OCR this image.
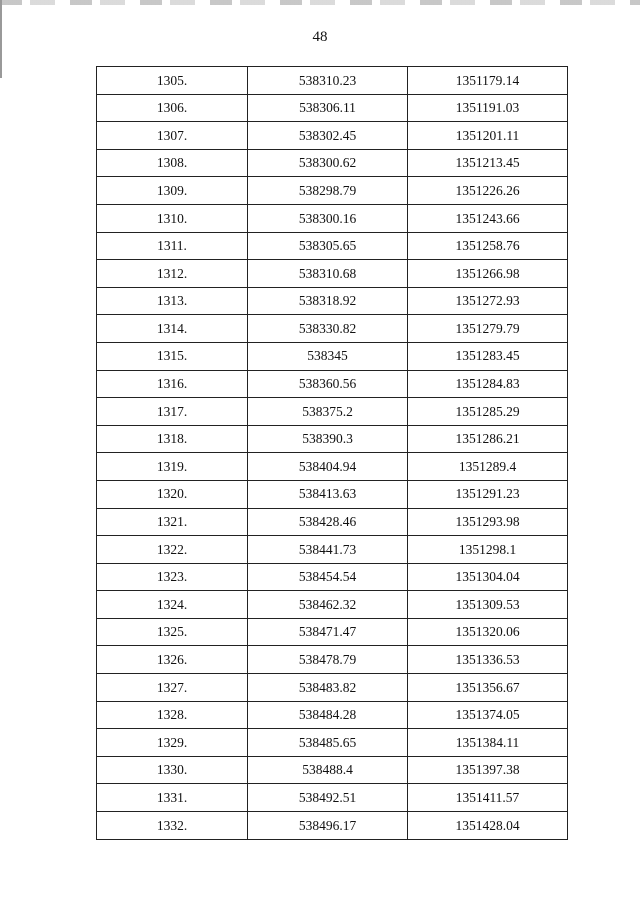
48
1305.	538310.23	1351179.14
1306.	538306.11	1351191.03
1307.	538302.45	1351201.11
1308.	538300.62	1351213.45
1309.	538298.79	1351226.26
1310.	538300.16	1351243.66
1311.	538305.65	1351258.76
1312.	538310.68	1351266.98
1313.	538318.92	1351272.93
1314.	538330.82	1351279.79
1315.	538345	1351283.45
1316.	538360.56	1351284.83
1317.	538375.2	1351285.29
1318.	538390.3	1351286.21
1319.	538404.94	1351289.4
1320.	538413.63	1351291.23
1321.	538428.46	1351293.98
1322.	538441.73	1351298.1
1323.	538454.54	1351304.04
1324.	538462.32	1351309.53
1325.	538471.47	1351320.06
1326.	538478.79	1351336.53
1327.	538483.82	1351356.67
1328.	538484.28	1351374.05
1329.	538485.65	1351384.11
1330.	538488.4	1351397.38
1331.	538492.51	1351411.57
1332.	538496.17	1351428.04
